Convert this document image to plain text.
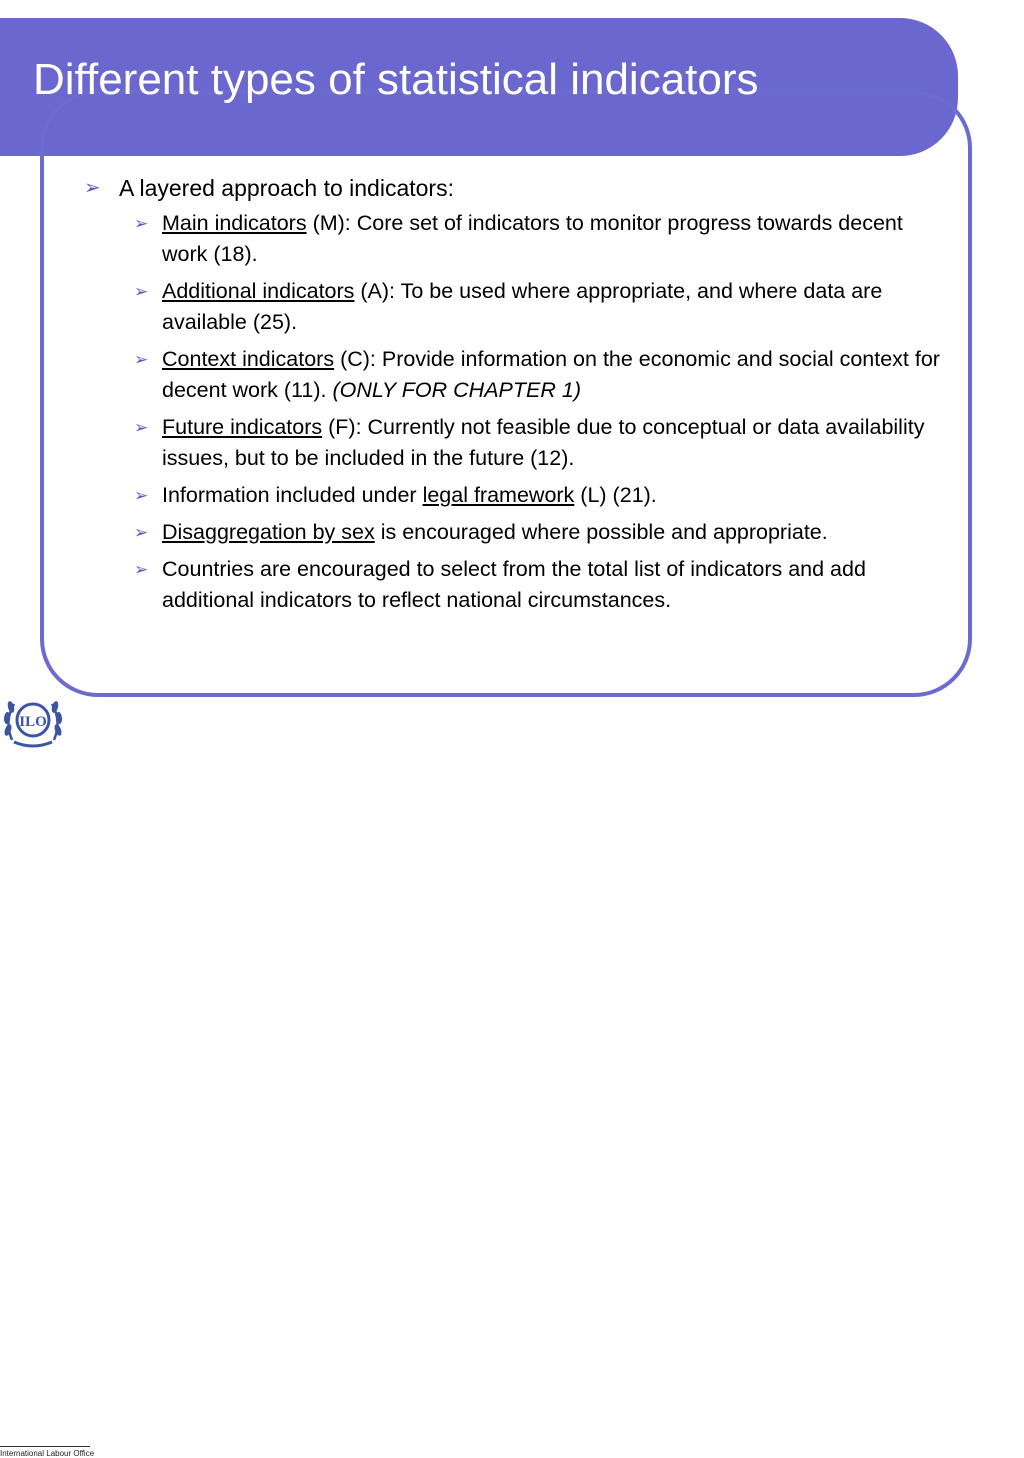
Different types of statistical indicators

➢ A layered approach to indicators:

➢ Main indicators (M): Core set of indicators to monitor progress towards decent work (18).

➢ Additional indicators (A): To be used where appropriate, and where data are available (25).

➢ Context indicators (C): Provide information on the economic and social context for decent work (11). (ONLY FOR CHAPTER 1)

➢ Future indicators (F): Currently not feasible due to conceptual or data availability issues, but to be included in the future (12).

➢ Information included under legal framework (L) (21).

➢ Disaggregation by sex is encouraged where possible and appropriate.

➢ Countries are encouraged to select from the total list of indicators and add additional indicators to reflect national circumstances.

ILO
International Labour Office
